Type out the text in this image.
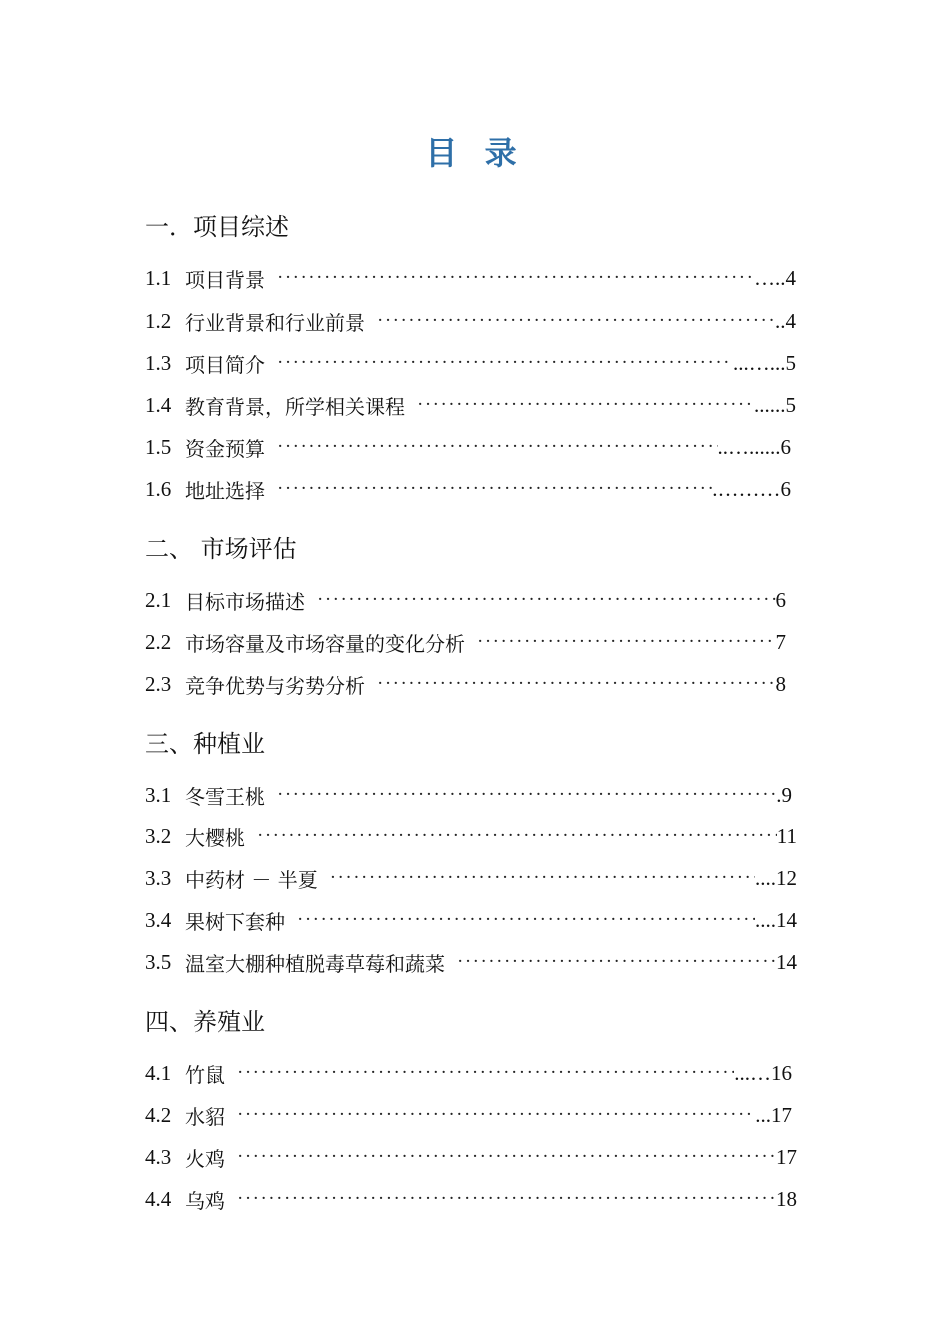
目 录
一．项目综述
1.1 项目背景 ·····	…..4
1.2 行业背景和行业前景 ·····	..4
1.3 项目简介 ·····	...…...5
1.4 教育背景，所学相关课程 ·····	......5
1.5 资金预算 ·····	..…......6
1.6 地址选择 ·····	.………6
二、 市场评估
2.1 目标市场描述 ·····	6
2.2 市场容量及市场容量的变化分析 ·····	7
2.3 竞争优势与劣势分析 ·····	8
三、种植业
3.1 冬雪王桃 ·····	.9
3.2 大樱桃 ·····	11
3.3 中药材 － 半夏 ·····	....12
3.4 果树下套种 ·····	....14
3.5 温室大棚种植脱毒草莓和蔬菜 ·····	14
四、养殖业
4.1 竹鼠 ·····	...…16
4.2 水貂 ·····	...17
4.3 火鸡 ·····	17
4.4 乌鸡 ·····	18
